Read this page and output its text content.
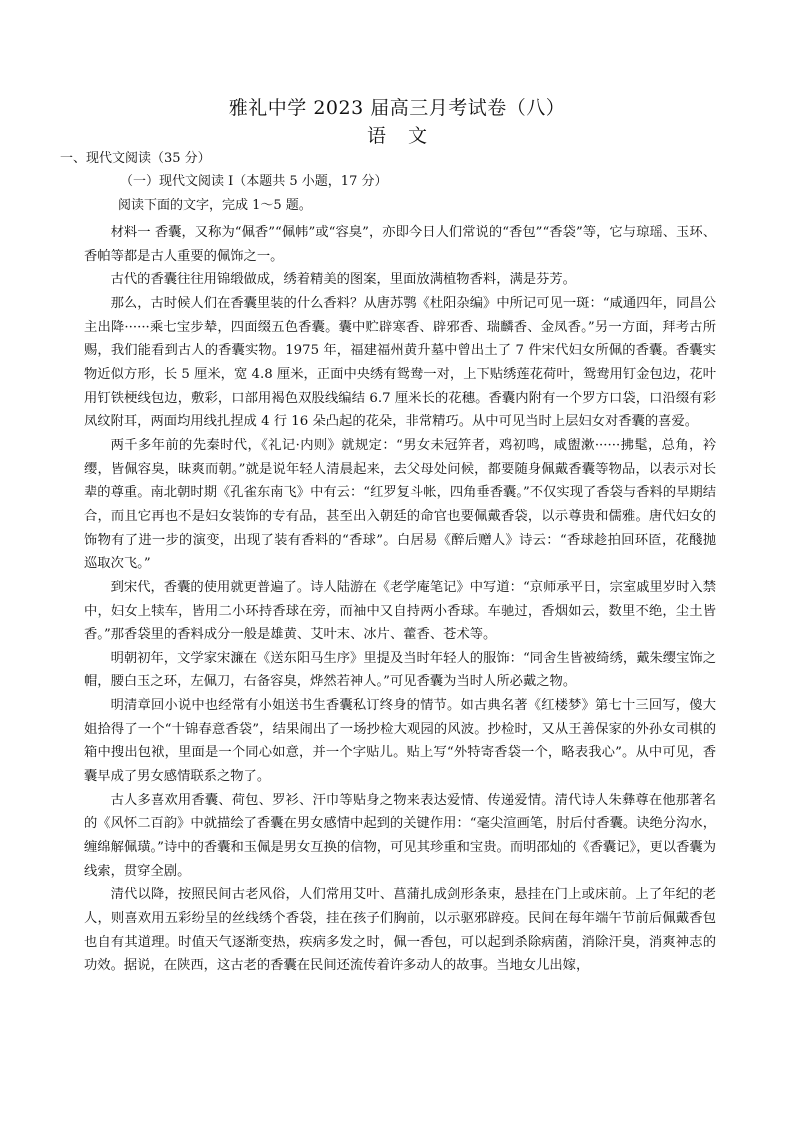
雅礼中学 2023 届高三月考试卷（八）
语文
一、现代文阅读（35 分）
（一）现代文阅读 I（本题共 5 小题，17 分）
阅读下面的文字，完成 1～5 题。

材料一 香囊，又称为“佩香”“佩帏”或“容臭”，亦即今日人们常说的“香包”“香袋”等，它与琼瑶、玉环、香帕等都是古人重要的佩饰之一。

古代的香囊往往用锦缎做成，绣着精美的图案，里面放满植物香料，满是芬芳。

那么，古时候人们在香囊里装的什么香料？从唐苏鹗《杜阳杂编》中所记可见一斑：“咸通四年，同昌公主出降······乘七宝步辇，四面缀五色香囊。囊中贮辟寒香、辟邪香、瑞麟香、金凤香。”另一方面，拜考古所赐，我们能看到古人的香囊实物。1975 年，福建福州黄升墓中曾出土了 7 件宋代妇女所佩的香囊。香囊实物近似方形，长 5 厘米，宽 4.8 厘米，正面中央绣有鸳鸯一对，上下贴绣莲花荷叶，鸳鸯用钉金包边，花叶用钉铁梗线包边，敷彩，口部用褐色双股线编结 6.7 厘米长的花穗。香囊内附有一个罗方口袋，口沿缀有彩凤纹附耳，两面均用线扎捏成 4 行 16 朵凸起的花朵，非常精巧。从中可见当时上层妇女对香囊的喜爱。

两千多年前的先秦时代，《礼记·内则》就规定：“男女未冠笄者，鸡初鸣，咸盥漱······拂髦，总角，衿缨，皆佩容臭，昧爽而朝。”就是说年轻人清晨起来，去父母处问候，都要随身佩戴香囊等物品，以表示对长辈的尊重。南北朝时期《孔雀东南飞》中有云：“红罗复斗帐，四角垂香囊。”不仅实现了香袋与香料的早期结合，而且它再也不是妇女装饰的专有品，甚至出入朝廷的命官也要佩戴香袋，以示尊贵和儒雅。唐代妇女的饰物有了进一步的演变，出现了装有香料的“香球”。白居易《醉后赠人》诗云：“香球趁拍回环匼，花醆抛巡取次飞。”

到宋代，香囊的使用就更普遍了。诗人陆游在《老学庵笔记》中写道：“京师承平日，宗室戚里岁时入禁中，妇女上犊车，皆用二小环持香球在旁，而袖中又自持两小香球。车驰过，香烟如云，数里不绝，尘土皆香。”那香袋里的香料成分一般是雄黄、艾叶末、冰片、藿香、苍术等。

明朝初年，文学家宋濂在《送东阳马生序》里提及当时年轻人的服饰：“同舍生皆被绮绣，戴朱缨宝饰之帽，腰白玉之环，左佩刀，右备容臭，烨然若神人。”可见香囊为当时人所必戴之物。

明清章回小说中也经常有小姐送书生香囊私订终身的情节。如古典名著《红楼梦》第七十三回写，傻大姐拾得了一个“十锦春意香袋”，结果闹出了一场抄检大观园的风波。抄检时，又从王善保家的外孙女司棋的箱中搜出包袱，里面是一个同心如意，并一个字贴儿。贴上写“外特寄香袋一个，略表我心”。从中可见，香囊早成了男女感情联系之物了。

古人多喜欢用香囊、荷包、罗衫、汗巾等贴身之物来表达爱情、传递爱情。清代诗人朱彝尊在他那著名的《风怀二百韵》中就描绘了香囊在男女感情中起到的关键作用：“毫尖渲画笔，肘后付香囊。诀绝分沟水，缠绵解佩璜。”诗中的香囊和玉佩是男女互换的信物，可见其珍重和宝贵。而明邵灿的《香囊记》，更以香囊为线索，贯穿全剧。

清代以降，按照民间古老风俗，人们常用艾叶、菖蒲扎成剑形条束，悬挂在门上或床前。上了年纪的老人，则喜欢用五彩纷呈的丝线绣个香袋，挂在孩子们胸前，以示驱邪辟疫。民间在每年端午节前后佩戴香包也自有其道理。时值天气逐渐变热，疾病多发之时，佩一香包，可以起到杀除病菌，消除汗臭，消爽神志的功效。据说，在陕西，这古老的香囊在民间还流传着许多动人的故事。当地女儿出嫁，
